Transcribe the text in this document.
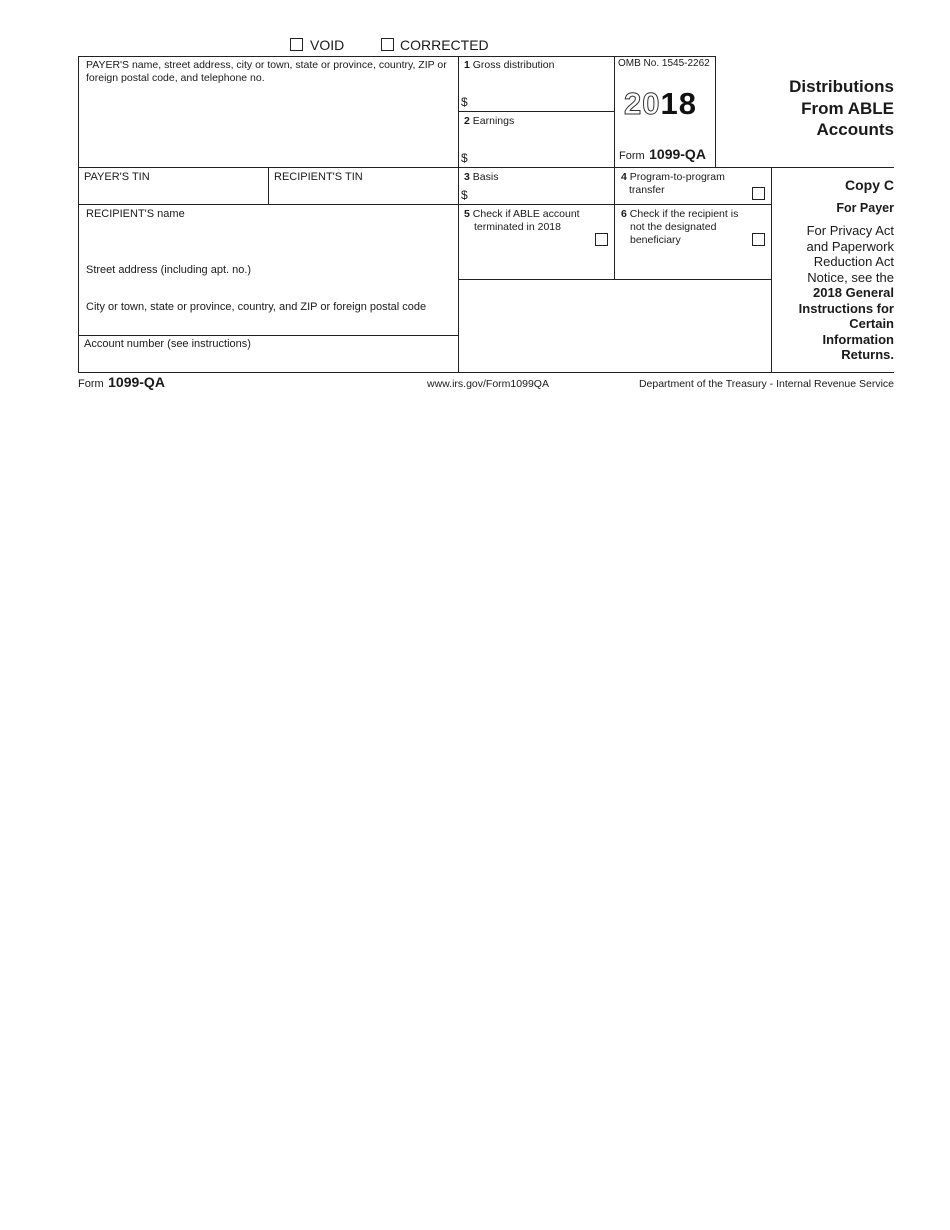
VOID	CORRECTED
PAYER'S name, street address, city or town, state or province, country, ZIP or foreign postal code, and telephone no.
1 Gross distribution
$
2 Earnings
$
OMB No. 1545-2262
2018
Form 1099-QA
Distributions
From ABLE
Accounts
PAYER'S TIN	RECIPIENT'S TIN	3 Basis
$
4 Program-to-program
transfer
RECIPIENT'S name
Street address (including apt. no.)
City or town, state or province, country, and ZIP or foreign postal code
Account number (see instructions)
5 Check if ABLE account
terminated in 2018
6 Check if the recipient is
not the designated
beneficiary
Copy C
For Payer
For Privacy Act
and Paperwork
Reduction Act
Notice, see the
2018 General
Instructions for
Certain
Information
Returns.
Form 1099-QA	www.irs.gov/Form1099QA	Department of the Treasury - Internal Revenue Service
